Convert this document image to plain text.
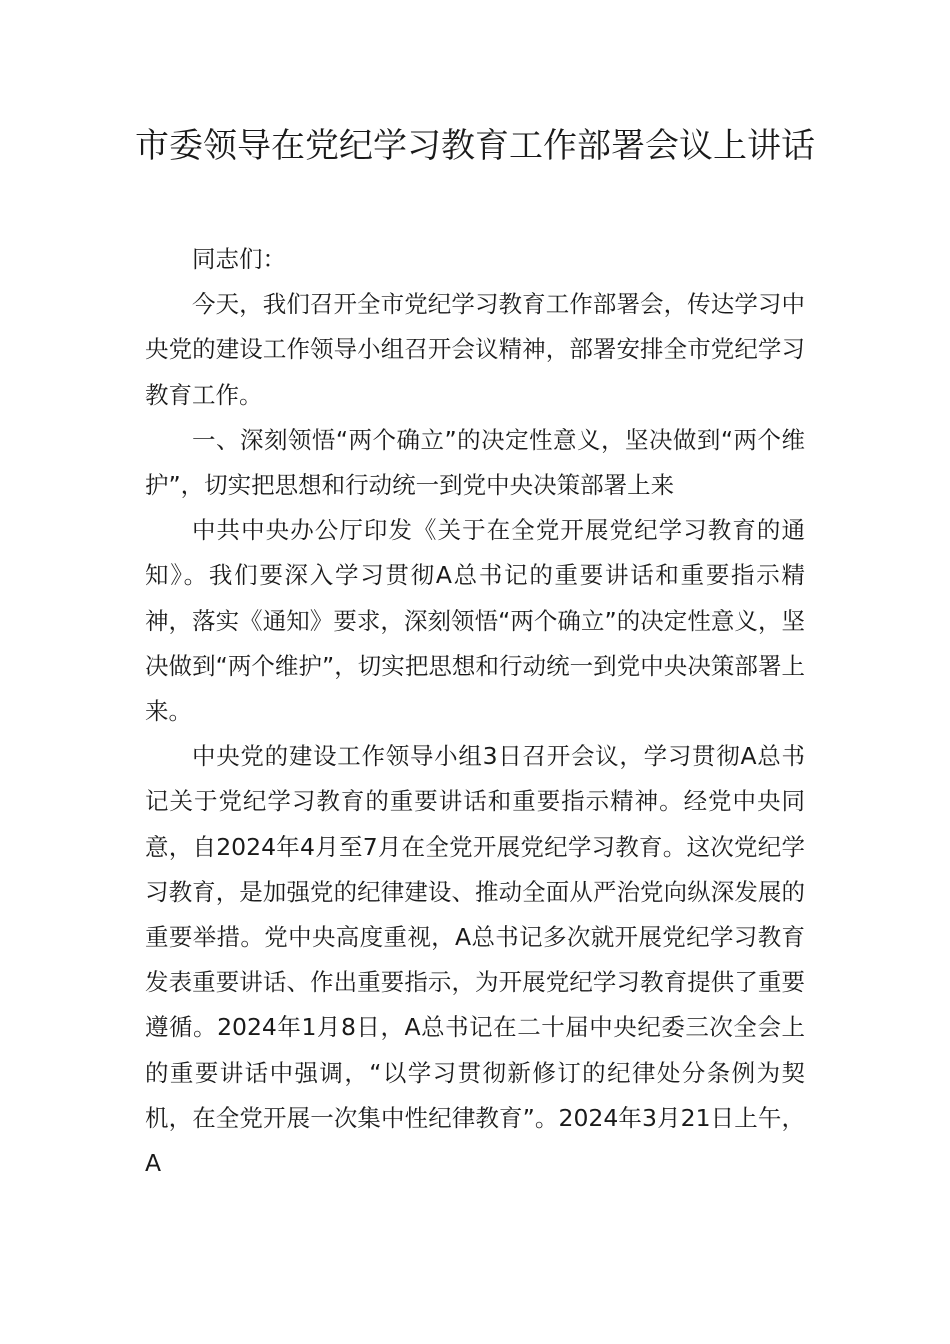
市委领导在党纪学习教育工作部署会议上讲话

同志们：

今天，我们召开全市党纪学习教育工作部署会，传达学习中央党的建设工作领导小组召开会议精神，部署安排全市党纪学习教育工作。

一、深刻领悟“两个确立”的决定性意义，坚决做到“两个维护”，切实把思想和行动统一到党中央决策部署上来

中共中央办公厅印发《关于在全党开展党纪学习教育的通知》。我们要深入学习贯彻A总书记的重要讲话和重要指示精神，落实《通知》要求，深刻领悟“两个确立”的决定性意义，坚决做到“两个维护”，切实把思想和行动统一到党中央决策部署上来。

中央党的建设工作领导小组3日召开会议，学习贯彻A总书记关于党纪学习教育的重要讲话和重要指示精神。经党中央同意，自2024年4月至7月在全党开展党纪学习教育。这次党纪学习教育，是加强党的纪律建设、推动全面从严治党向纵深发展的重要举措。党中央高度重视，A总书记多次就开展党纪学习教育发表重要讲话、作出重要指示，为开展党纪学习教育提供了重要遵循。2024年1月8日，A总书记在二十届中央纪委三次全会上的重要讲话中强调，“以学习贯彻新修订的纪律处分条例为契机，在全党开展一次集中性纪律教育”。2024年3月21日上午，A
